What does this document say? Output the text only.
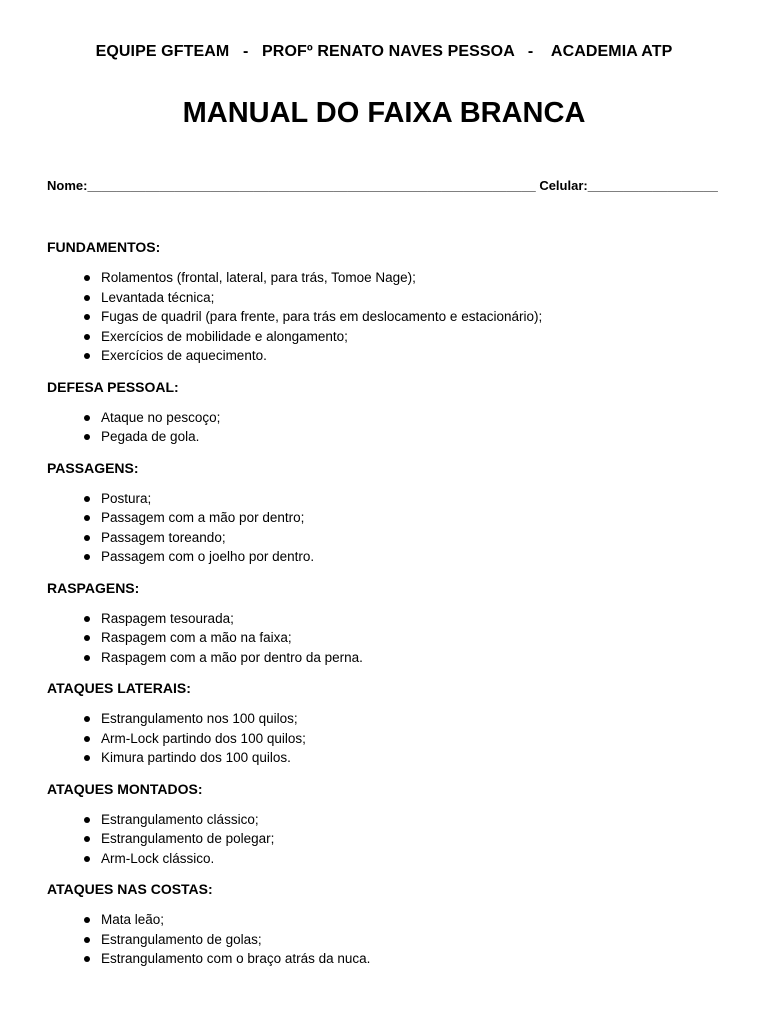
EQUIPE GFTEAM   -   PROFº RENATO NAVES PESSOA   -    ACADEMIA ATP
MANUAL DO FAIXA BRANCA
Nome:______________________________________________________________ Celular:__________________
FUNDAMENTOS:
Rolamentos (frontal, lateral, para trás, Tomoe Nage);
Levantada técnica;
Fugas de quadril (para frente, para trás em deslocamento e estacionário);
Exercícios de mobilidade e alongamento;
Exercícios de aquecimento.
DEFESA PESSOAL:
Ataque no pescoço;
Pegada de gola.
PASSAGENS:
Postura;
Passagem com a mão por dentro;
Passagem toreando;
Passagem com o joelho por dentro.
RASPAGENS:
Raspagem tesourada;
Raspagem com a mão na faixa;
Raspagem com a mão por dentro da perna.
ATAQUES LATERAIS:
Estrangulamento nos 100 quilos;
Arm-Lock partindo dos 100 quilos;
Kimura partindo dos 100 quilos.
ATAQUES MONTADOS:
Estrangulamento clássico;
Estrangulamento de polegar;
Arm-Lock clássico.
ATAQUES NAS COSTAS:
Mata leão;
Estrangulamento de golas;
Estrangulamento com o braço atrás da nuca.
